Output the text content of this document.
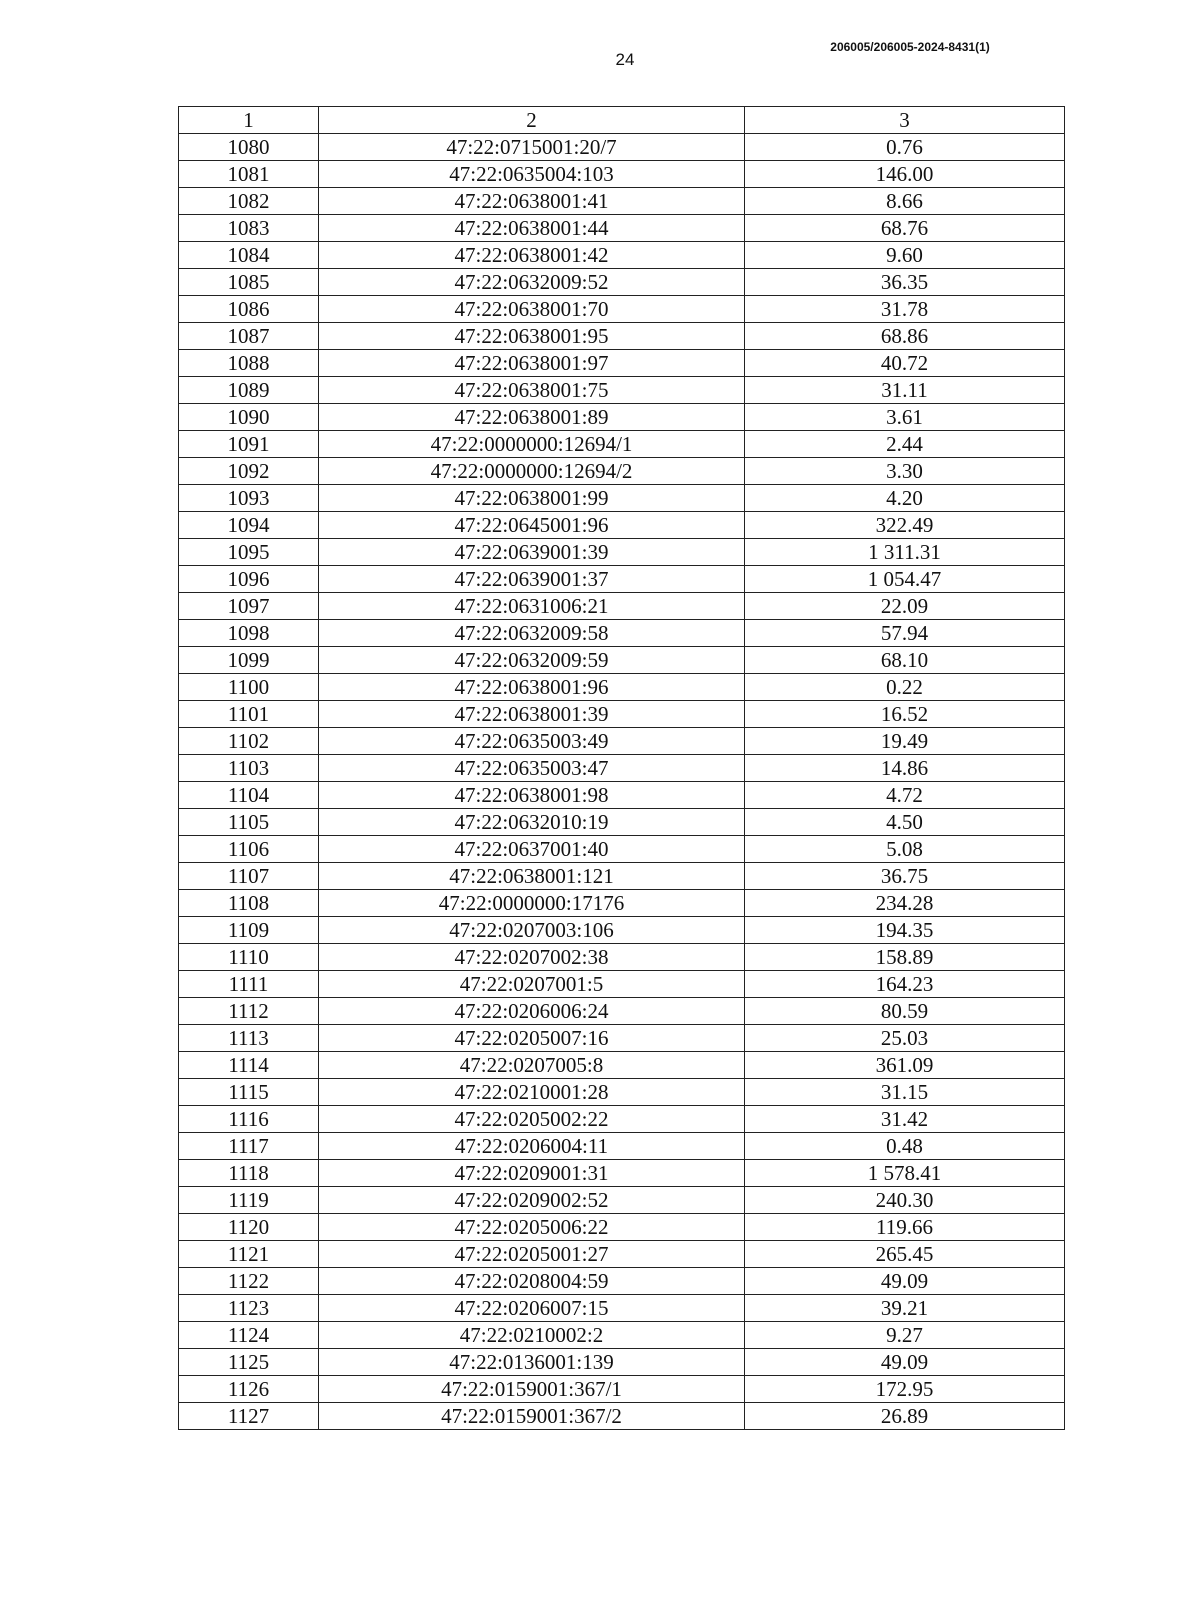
24
206005/206005-2024-8431(1)
1	2	3
1080	47:22:0715001:20/7	0.76
1081	47:22:0635004:103	146.00
1082	47:22:0638001:41	8.66
1083	47:22:0638001:44	68.76
1084	47:22:0638001:42	9.60
1085	47:22:0632009:52	36.35
1086	47:22:0638001:70	31.78
1087	47:22:0638001:95	68.86
1088	47:22:0638001:97	40.72
1089	47:22:0638001:75	31.11
1090	47:22:0638001:89	3.61
1091	47:22:0000000:12694/1	2.44
1092	47:22:0000000:12694/2	3.30
1093	47:22:0638001:99	4.20
1094	47:22:0645001:96	322.49
1095	47:22:0639001:39	1 311.31
1096	47:22:0639001:37	1 054.47
1097	47:22:0631006:21	22.09
1098	47:22:0632009:58	57.94
1099	47:22:0632009:59	68.10
1100	47:22:0638001:96	0.22
1101	47:22:0638001:39	16.52
1102	47:22:0635003:49	19.49
1103	47:22:0635003:47	14.86
1104	47:22:0638001:98	4.72
1105	47:22:0632010:19	4.50
1106	47:22:0637001:40	5.08
1107	47:22:0638001:121	36.75
1108	47:22:0000000:17176	234.28
1109	47:22:0207003:106	194.35
1110	47:22:0207002:38	158.89
1111	47:22:0207001:5	164.23
1112	47:22:0206006:24	80.59
1113	47:22:0205007:16	25.03
1114	47:22:0207005:8	361.09
1115	47:22:0210001:28	31.15
1116	47:22:0205002:22	31.42
1117	47:22:0206004:11	0.48
1118	47:22:0209001:31	1 578.41
1119	47:22:0209002:52	240.30
1120	47:22:0205006:22	119.66
1121	47:22:0205001:27	265.45
1122	47:22:0208004:59	49.09
1123	47:22:0206007:15	39.21
1124	47:22:0210002:2	9.27
1125	47:22:0136001:139	49.09
1126	47:22:0159001:367/1	172.95
1127	47:22:0159001:367/2	26.89
